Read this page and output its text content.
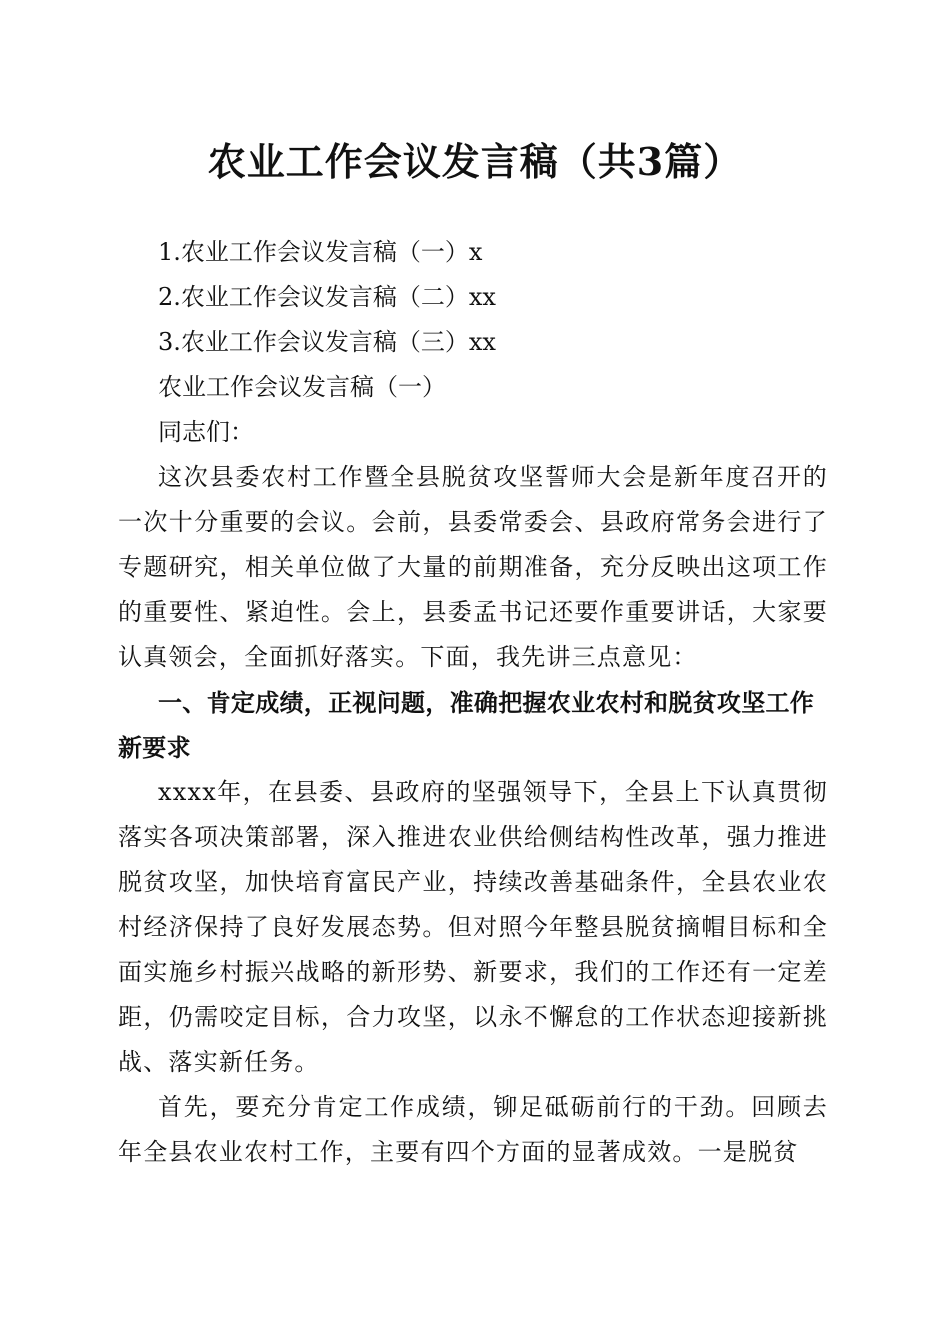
农业工作会议发言稿（共3篇）
1.农业工作会议发言稿（一）x
2.农业工作会议发言稿（二）xx
3.农业工作会议发言稿（三）xx
农业工作会议发言稿（一）
同志们：
这次县委农村工作暨全县脱贫攻坚誓师大会是新年度召开的一次十分重要的会议。会前，县委常委会、县政府常务会进行了专题研究，相关单位做了大量的前期准备，充分反映出这项工作的重要性、紧迫性。会上，县委孟书记还要作重要讲话，大家要认真领会，全面抓好落实。下面，我先讲三点意见：
一、肯定成绩，正视问题，准确把握农业农村和脱贫攻坚工作新要求
xxxx年，在县委、县政府的坚强领导下，全县上下认真贯彻落实各项决策部署，深入推进农业供给侧结构性改革，强力推进脱贫攻坚，加快培育富民产业，持续改善基础条件，全县农业农村经济保持了良好发展态势。但对照今年整县脱贫摘帽目标和全面实施乡村振兴战略的新形势、新要求，我们的工作还有一定差距，仍需咬定目标，合力攻坚，以永不懈怠的工作状态迎接新挑战、落实新任务。
首先，要充分肯定工作成绩，铆足砥砺前行的干劲。回顾去年全县农业农村工作，主要有四个方面的显著成效。一是脱贫
